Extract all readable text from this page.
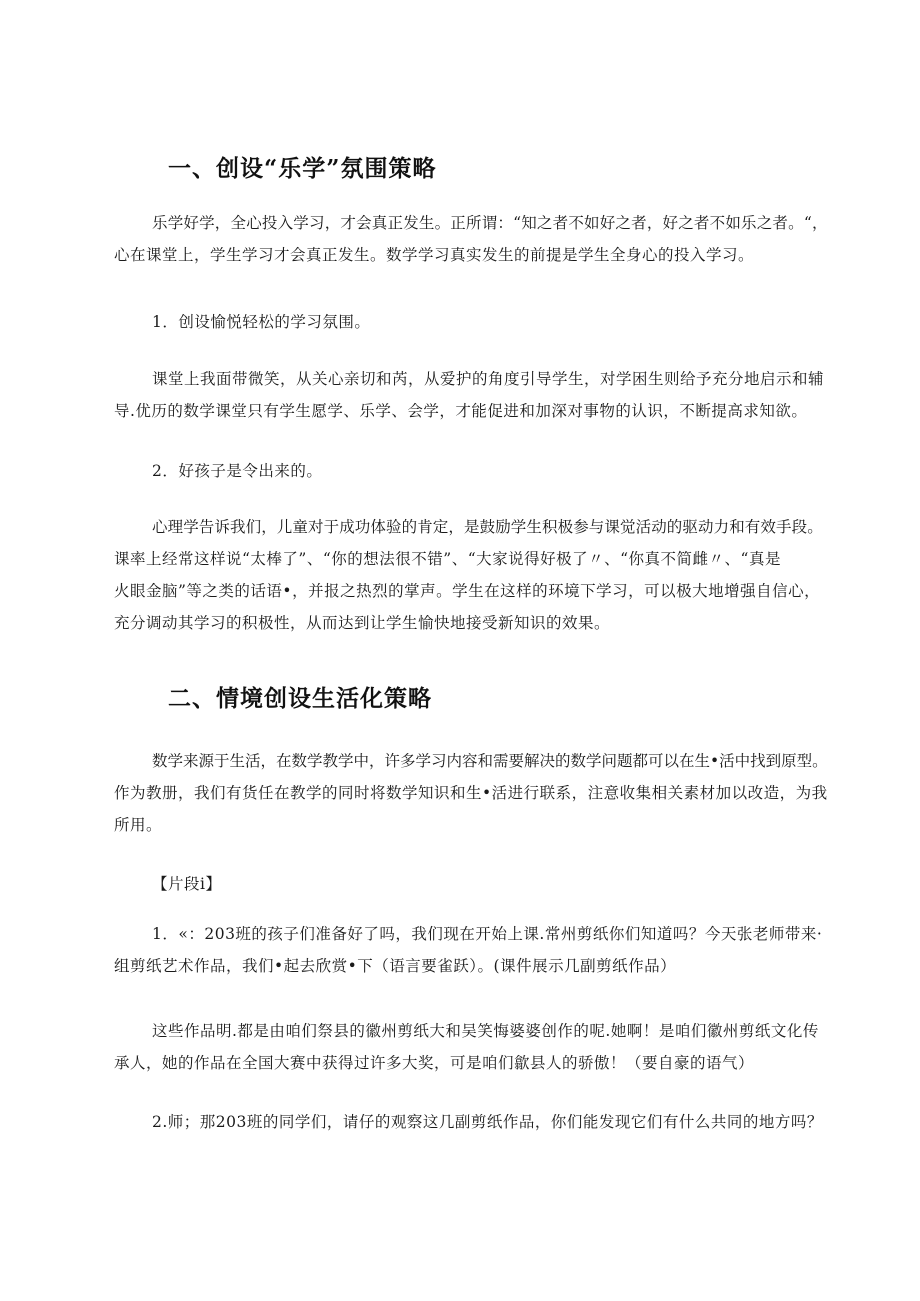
一、创设“乐学”氛围策略

乐学好学，全心投入学习，才会真正发生。正所谓：“知之者不如好之者，好之者不如乐之者。“，
心在课堂上，学生学习才会真正发生。数学学习真实发生的前提是学生全身心的投入学习。

1．创设愉悦轻松的学习氛围。

课堂上我面带微笑，从关心亲切和芮，从爱护的角度引导学生，对学困生则给予充分地启示和辅
导.优历的数学课堂只有学生愿学、乐学、会学，才能促进和加深对事物的认识，不断提高求知欲。

2．好孩子是令出来的。

心理学告诉我们，儿童对于成功体验的肯定，是鼓励学生积极参与课觉活动的驱动力和有效手段。
课率上经常这样说“太棒了”、“你的想法很不错”、“大家说得好极了〃、“你真不简雌〃、“真是
火眼金脑”等之类的话语•，并报之热烈的掌声。学生在这样的环境下学习，可以极大地增强自信心，
充分调动其学习的积极性，从而达到让学生愉快地接受新知识的效果。

二、情境创设生活化策略

数学来源于生活，在数学教学中，许多学习内容和需要解决的数学问题都可以在生•活中找到原型。
作为教册，我们有货任在教学的同时将数学知识和生•活进行联系，注意收集相关素材加以改造，为我
所用。

【片段i】

1．«：203班的孩子们准备好了吗，我们现在开始上课.常州剪纸你们知道吗？今天张老师带来·
组剪纸艺术作品，我们•起去欣赏•下（语言要雀跃）。(课件展示几副剪纸作品）

这些作品明.都是由咱们祭县的徽州剪纸大和吴笑悔婆婆创作的呢.她啊！是咱们徽州剪纸文化传
承人，她的作品在全国大赛中获得过许多大奖，可是咱们歙县人的骄傲！（要自豪的语气）

2.师；那203班的同学们，请仔的观察这几副剪纸作品，你们能发现它们有什么共同的地方吗？
